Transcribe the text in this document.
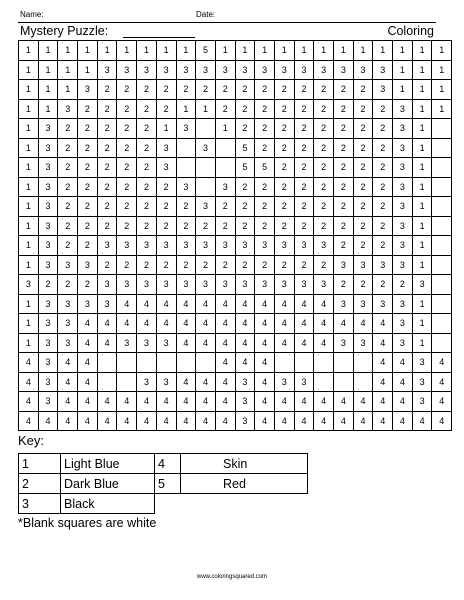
Name:	Date:
Mystery Puzzle:	Coloring
1	1	1	1	1	1	1	1	1	5	1	1	1	1	1	1	1	1	1	1	1	1
1	1	1	1	3	3	3	3	3	3	3	3	3	3	3	3	3	3	3	1	1	1
1	1	1	3	2	2	2	2	2	2	2	2	2	2	2	2	2	2	3	1	1	1
1	1	3	2	2	2	2	2	1	1	2	2	2	2	2	2	2	2	2	3	1	1
1	3	2	2	2	2	2	1	3		1	2	2	2	2	2	2	2	2	3	1	
1	3	2	2	2	2	2	3		3		5	2	2	2	2	2	2	2	3	1	
1	3	2	2	2	2	2	3				5	5	2	2	2	2	2	2	3	1	
1	3	2	2	2	2	2	2	3		3	2	2	2	2	2	2	2	2	3	1	
1	3	2	2	2	2	2	2	2	3	2	2	2	2	2	2	2	2	2	3	1	
1	3	2	2	2	2	2	2	2	2	2	2	2	2	2	2	2	2	2	3	1	
1	3	2	2	3	3	3	3	3	3	3	3	3	3	3	3	2	2	2	3	1	
1	3	3	3	2	2	2	2	2	2	2	2	2	2	2	2	3	3	3	3	1	
3	2	2	2	3	3	3	3	3	3	3	3	3	3	3	3	2	2	2	2	3	
1	3	3	3	3	4	4	4	4	4	4	4	4	4	4	4	3	3	3	3	1	
1	3	3	4	4	4	4	4	4	4	4	4	4	4	4	4	4	4	4	3	1	
1	3	3	4	4	3	3	3	4	4	4	4	4	4	4	4	3	3	4	3	1	
4	3	4	4							4	4	4						4	4	3	4
4	3	4	4			3	3	4	4	4	3	4	3	3				4	4	3	4
4	3	4	4	4	4	4	4	4	4	4	3	4	4	4	4	4	4	4	4	3	4
4	4	4	4	4	4	4	4	4	4	4	3	4	4	4	4	4	4	4	4	4	4
Key:
1	Light Blue	4	Skin
2	Dark Blue	5	Red
3	Black		
*Blank squares are white
www.coloringsquared.com
